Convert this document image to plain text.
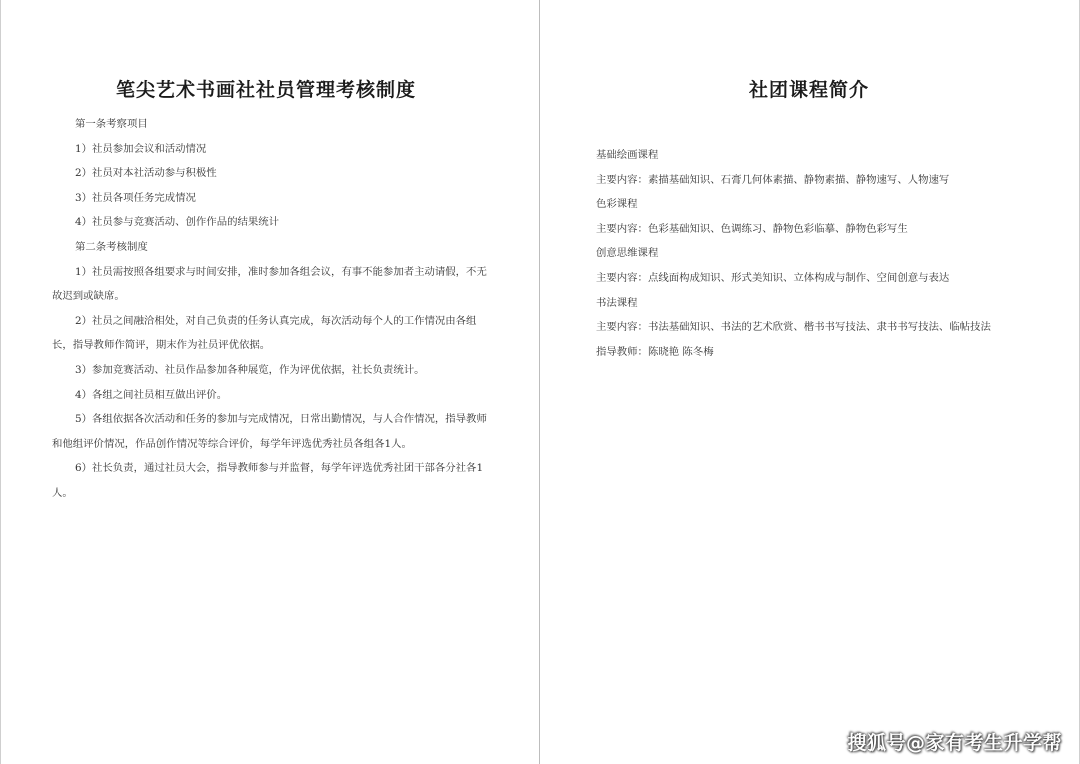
笔尖艺术书画社社员管理考核制度

第一条考察项目

1）社员参加会议和活动情况

2）社员对本社活动参与积极性

3）社员各项任务完成情况

4）社员参与竞赛活动、创作作品的结果统计

第二条考核制度

1）社员需按照各组要求与时间安排，准时参加各组会议，有事不能参加者主动请假，不无故迟到或缺席。

2）社员之间融洽相处，对自己负责的任务认真完成，每次活动每个人的工作情况由各组长，指导教师作简评，期末作为社员评优依据。

3）参加竞赛活动、社员作品参加各种展览，作为评优依据，社长负责统计。

4）各组之间社员相互做出评价。

5）各组依据各次活动和任务的参加与完成情况，日常出勤情况，与人合作情况，指导教师和他组评价情况，作品创作情况等综合评价，每学年评选优秀社员各组各1人。

6）社长负责，通过社员大会，指导教师参与并监督，每学年评选优秀社团干部各分社各1人。

社团课程简介

基础绘画课程

主要内容：素描基础知识、石膏几何体素描、静物素描、静物速写、人物速写

色彩课程

主要内容：色彩基础知识、色调练习、静物色彩临摹、静物色彩写生

创意思维课程

主要内容：点线面构成知识、形式美知识、立体构成与制作、空间创意与表达

书法课程

主要内容：书法基础知识、书法的艺术欣赏、楷书书写技法、隶书书写技法、临帖技法

指导教师：陈晓艳 陈冬梅

搜狐号@家有考生升学帮
